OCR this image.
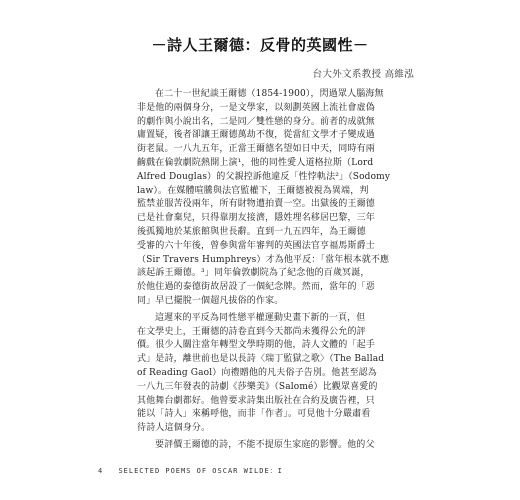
－詩人王爾德：反骨的英國性－
台大外文系教授 高維泓

在二十一世紀談王爾德（1854-1900），閃過眾人腦海無
非是他的兩個身分，一是文學家，以刻劃英國上流社會虛偽
的劇作與小說出名，二是同／雙性戀的身分。前者的成就無
庸置疑，後者卻讓王爾德萬劫不復，從當紅文學才子變成過
街老鼠。一八九五年，正當王爾德名望如日中天，同時有兩
齣戲在倫敦劇院熱開上演¹，他的同性愛人道格拉斯（Lord
Alfred Douglas）的父親控訴他違反「性悖軌法²」（Sodomy
law）。在媒體喧騰與法官監權下，王爾德被視為異端，判
監禁並服苦役兩年，所有財物遭拍賣一空。出獄後的王爾德
已是社會棄兒，只得靠朋友接濟，隱姓埋名移居巴黎，三年
後孤獨地於某旅館與世長辭。直到一九五四年，為王爾德
受審的六十年後，曾參與當年審判的英國法官亨福馬斯爵士
（Sir Travers Humphreys）才為他平反：「當年根本就不應
該起訴王爾德。³」同年倫敦劇院為了紀念他的百歲冥誕，
於他住過的泰德街故居設了一個紀念牌。然而，當年的「惡
同」早已擺脫一個超凡拔俗的作家。

這遲來的平反為同性戀平權運動史畫下新的一頁，但
在文學史上，王爾德的詩卷直到今天都尚未獲得公允的評
價。很少人關注當年轉型文學時期的他，詩人文體的「起手
式」是詩，離世前也是以長詩〈瑞丁監獄之歌〉（The Ballad
of Reading Gaol）向禮贈他的凡夫俗子告別。他甚至認為
一八九三年發表的詩劇《莎樂美》（Salomé）比觀眾喜愛的
其他舞台劇都好。他曾要求詩集出版社在合約及廣告裡，只
能以「詩人」來稱呼他，而非「作者」。可見他十分嚴肅看
待詩人這個身分。

要評價王爾德的詩，不能不提原生家庭的影響。他的父

4 SELECTED POEMS OF OSCAR WILDE：I
